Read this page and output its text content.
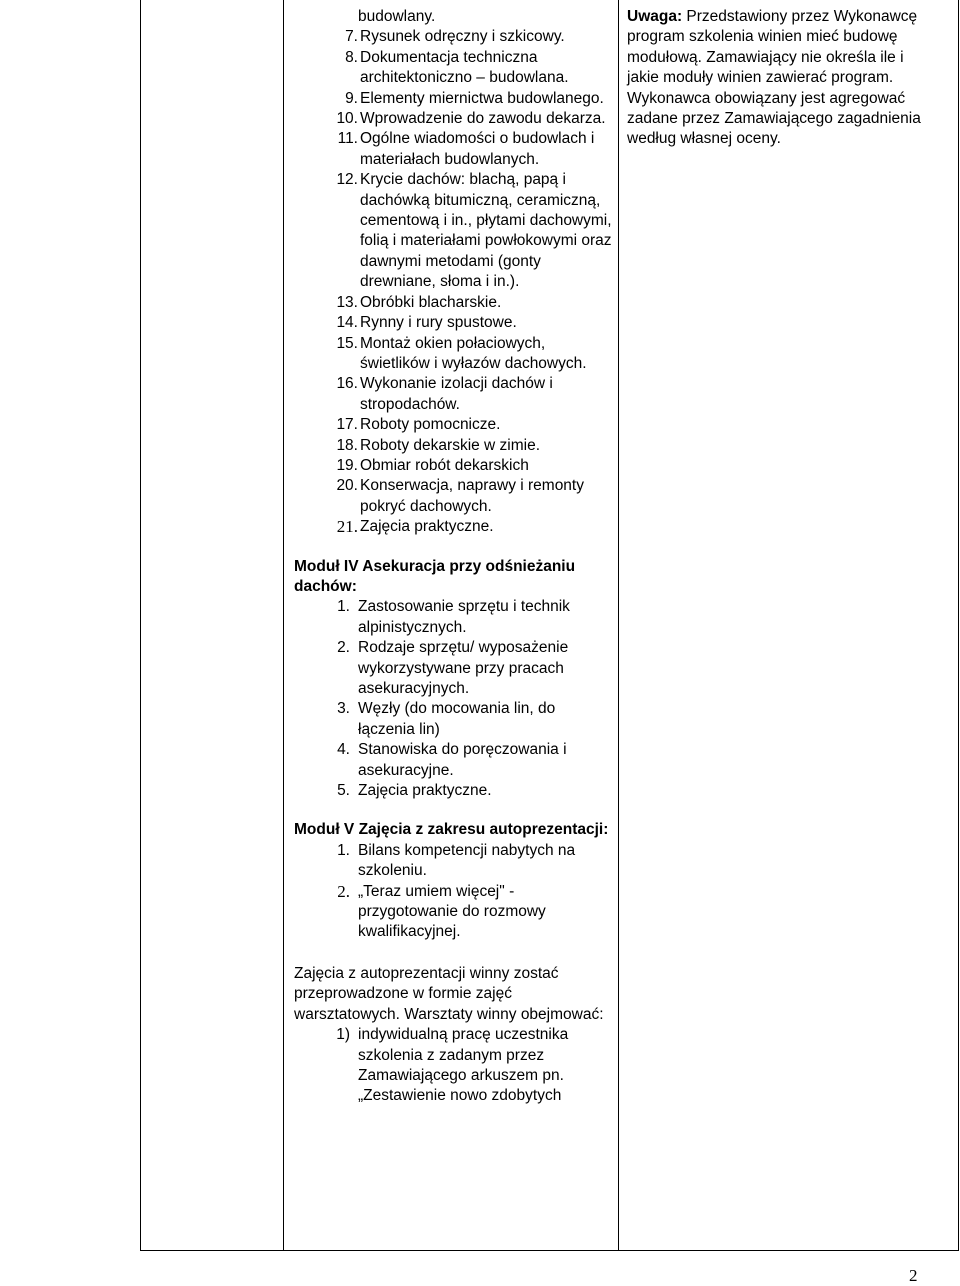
budowlany.
7. Rysunek odręczny i szkicowy.
8. Dokumentacja techniczna architektoniczno – budowlana.
9. Elementy miernictwa budowlanego.
10. Wprowadzenie do zawodu dekarza.
11. Ogólne wiadomości o budowlach i materiałach budowlanych.
12. Krycie dachów: blachą, papą i dachówką bitumiczną, ceramiczną, cementową i in., płytami dachowymi, folią i materiałami powłokowymi oraz dawnymi metodami (gonty drewniane, słoma i in.).
13. Obróbki blacharskie.
14. Rynny i rury spustowe.
15. Montaż okien połaciowych, świetlików i wyłazów dachowych.
16. Wykonanie izolacji dachów i stropodachów.
17. Roboty pomocnicze.
18. Roboty dekarskie w zimie.
19. Obmiar robót dekarskich
20. Konserwacja, naprawy i remonty pokryć dachowych.
21. Zajęcia praktyczne.
Moduł IV Asekuracja przy odśnieżaniu dachów:
1. Zastosowanie sprzętu i technik alpinistycznych.
2. Rodzaje sprzętu/ wyposażenie wykorzystywane przy pracach asekuracyjnych.
3. Węzły (do mocowania lin, do łączenia lin)
4. Stanowiska do poręczowania i asekuracyjne.
5. Zajęcia praktyczne.
Moduł V Zajęcia z zakresu autoprezentacji:
1. Bilans kompetencji nabytych na szkoleniu.
2. „Teraz umiem więcej" - przygotowanie do rozmowy kwalifikacyjnej.
Zajęcia z autoprezentacji winny zostać przeprowadzone w formie zajęć warsztatowych. Warsztaty winny obejmować:
1) indywidualną pracę uczestnika szkolenia z zadanym przez Zamawiającego arkuszem pn. „Zestawienie nowo zdobytych
Uwaga: Przedstawiony przez Wykonawcę program szkolenia winien mieć budowę modułową. Zamawiający nie określa ile i jakie moduły winien zawierać program. Wykonawca obowiązany jest agregować zadane przez Zamawiającego zagadnienia według własnej oceny.
2
